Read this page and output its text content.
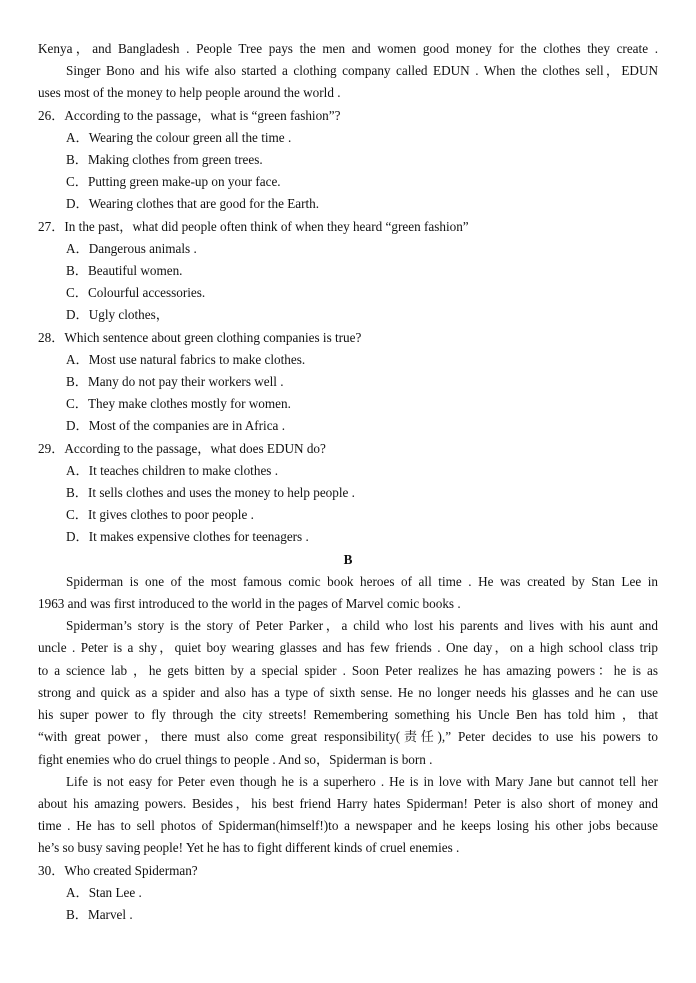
Kenya，and Bangladesh . People Tree pays the men and women good money for the clothes they create .
Singer Bono and his wife also started a clothing company called EDUN . When the clothes sell，EDUN
uses most of the money to help people around the world .
26．According to the passage，what is “green fashion”?
A．Wearing the colour green all the time .
B．Making clothes from green trees.
C．Putting green make-up on your face.
D．Wearing clothes that are good for the Earth.
27．In the past，what did people often think of when they heard “green fashion”
A．Dangerous animals .
B．Beautiful women.
C．Colourful accessories.
D．Ugly clothes，
28．Which sentence about green clothing companies is true?
A．Most use natural fabrics to make clothes.
B．Many do not pay their workers well .
C．They make clothes mostly for women.
D．Most of the companies are in Africa .
29．According to the passage，what does EDUN do?
A．It teaches children to make clothes .
B．It sells clothes and uses the money to help people .
C．It gives clothes to poor people .
D．It makes expensive clothes for teenagers .
B
Spiderman is one of the most famous comic book heroes of all time . He was created by Stan Lee in
1963 and was first introduced to the world in the pages of Marvel comic books .
Spiderman’s story is the story of Peter Parker，a child who lost his parents and lives with his aunt and
uncle . Peter is a shy，quiet boy wearing glasses and has few friends . One day，on a high school class trip
to a science lab ，he gets bitten by a special spider . Soon Peter realizes he has amazing powers：he is as
strong and quick as a spider and also has a type of sixth sense. He no longer needs his glasses and he can use
his super power to fly through the city streets! Remembering something his Uncle Ben has told him ，that
“with great power，there must also come great responsibility(责任),” Peter decides to use his powers to
fight enemies who do cruel things to people . And so，Spiderman is born .
Life is not easy for Peter even though he is a superhero . He is in love with Mary Jane but cannot tell her
about his amazing powers. Besides，his best friend Harry hates Spiderman! Peter is also short of money and
time . He has to sell photos of Spiderman(himself!)to a newspaper and he keeps losing his other jobs because
he’s so busy saving people! Yet he has to fight different kinds of cruel enemies .
30．Who created Spiderman?
A．Stan Lee .
B．Marvel .
